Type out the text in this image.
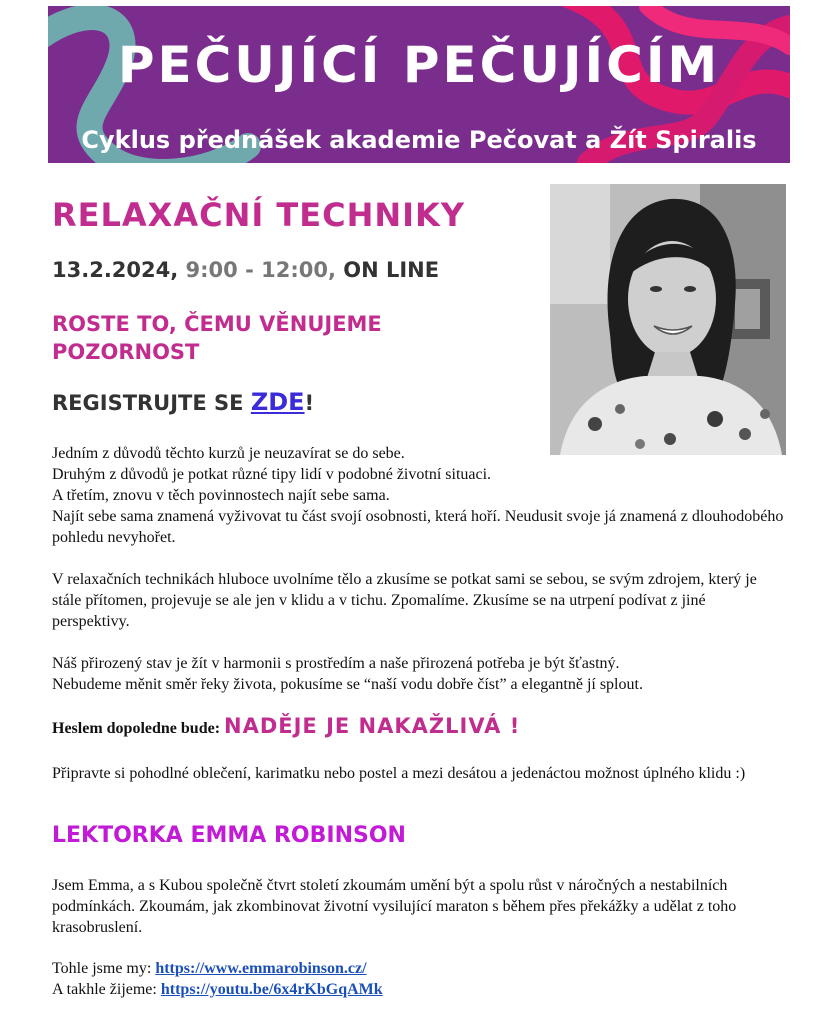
PEČUJÍCÍ PEČUJÍCÍM
Cyklus přednášek akademie Pečovat a Žít Spiralis
RELAXAČNÍ TECHNIKY

13.2.2024, 9:00 - 12:00, ON LINE

ROSTE TO, ČEMU VĚNUJEME POZORNOST

REGISTRUJTE SE ZDE!

Jedním z důvodů těchto kurzů je neuzavírat se do sebe.
Druhým z důvodů je potkat různé tipy lidí v podobné životní situaci.
A třetím, znovu v těch povinnostech najít sebe sama.
Najít sebe sama znamená vyživovat tu část svojí osobnosti, která hoří. Neudusit svoje já znamená z dlouhodobého pohledu nevyhořet.

V relaxačních technikách hluboce uvolníme tělo a zkusíme se potkat sami se sebou, se svým zdrojem, který je stále přítomen, projevuje se ale jen v klidu a v tichu. Zpomalíme. Zkusíme se na utrpení podívat z jiné perspektivy.

Náš přirozený stav je žít v harmonii s prostředím a naše přirozená potřeba je být šťastný.
Nebudeme měnit směr řeky života, pokusíme se “naší vodu dobře číst” a elegantně jí splout.

Heslem dopoledne bude: NADĚJE JE NAKAŽLIVÁ !

Připravte si pohodlné oblečení, karimatku nebo postel a mezi desátou a jedenáctou možnost úplného klidu :)

LEKTORKA EMMA ROBINSON

Jsem Emma, a s Kubou společně čtvrt století zkoumám umění být a spolu růst v náročných a nestabilních podmínkách. Zkoumám, jak zkombinovat životní vysilující maraton s během přes překážky a udělat z toho krasobruslení.

Tohle jsme my: https://www.emmarobinson.cz/
A takhle žijeme: https://youtu.be/6x4rKbGqAMk
